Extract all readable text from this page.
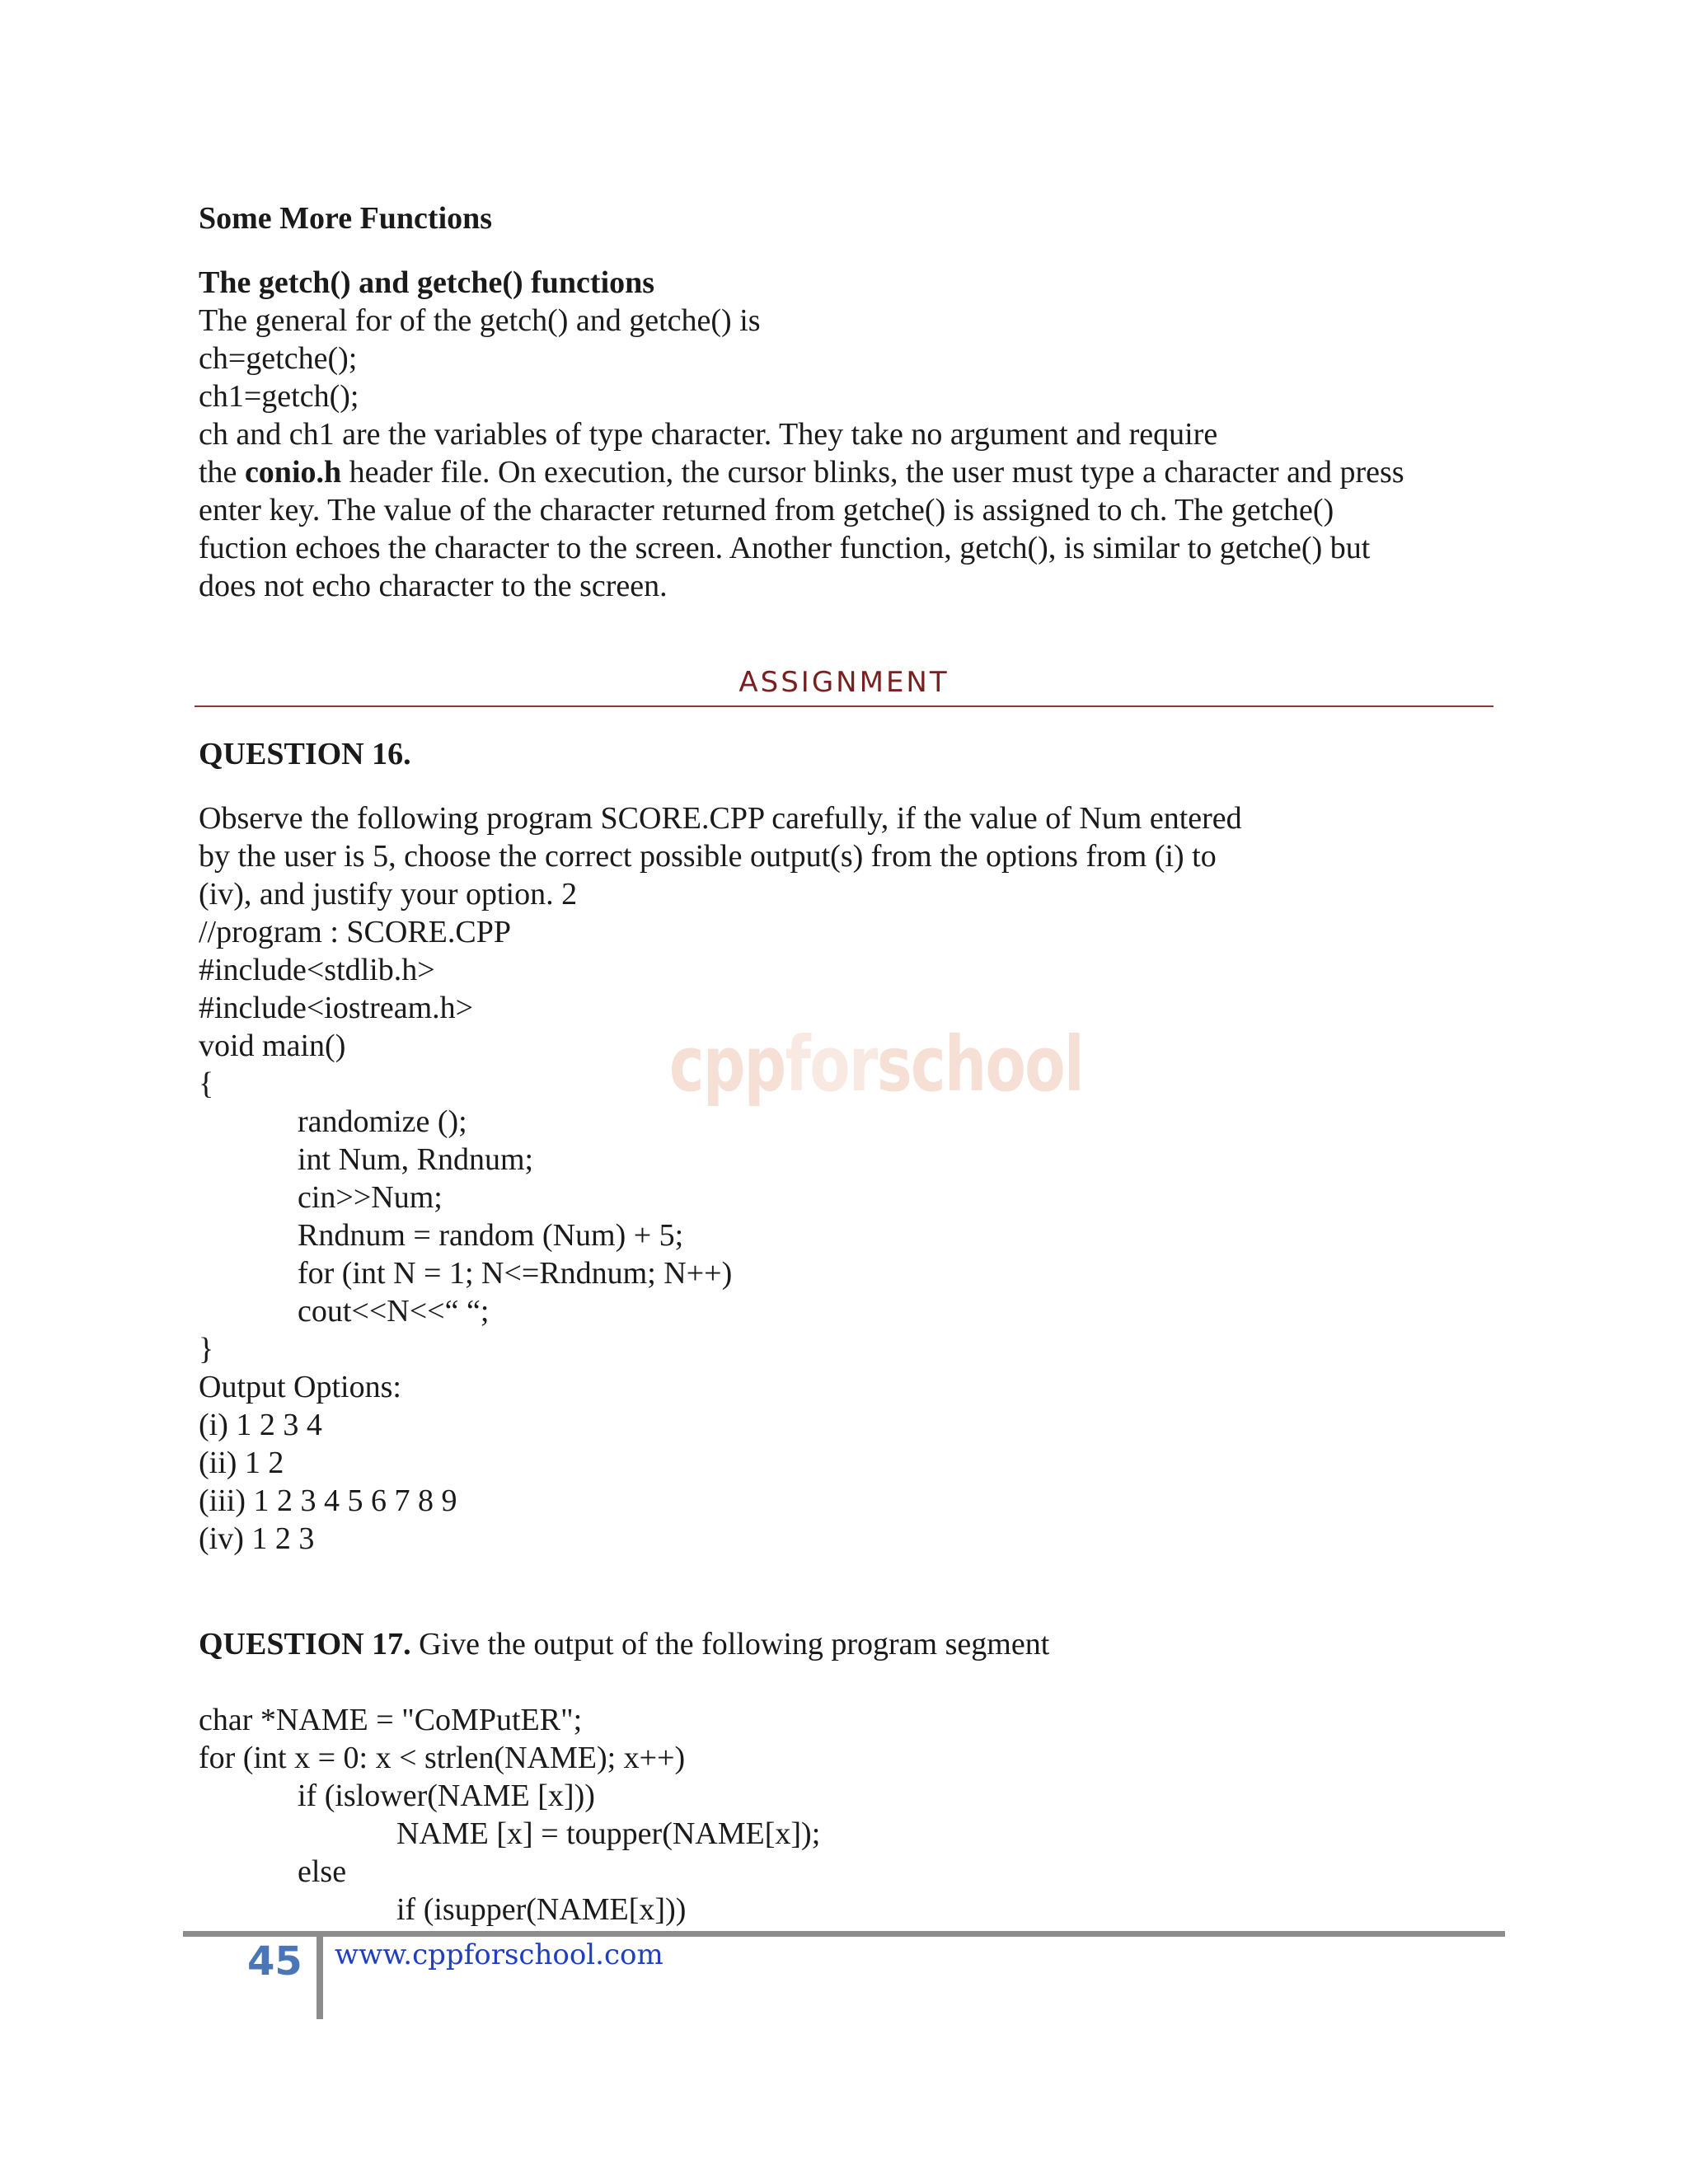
cppforschool
Some More Functions
The getch() and getche() functions
The general for of the getch() and getche() is
ch=getche();
ch1=getch();
ch and ch1 are the variables of type character. They take no argument and require
the conio.h header file. On execution, the cursor blinks, the user must type a character and press
enter key. The value of the character returned from getche() is assigned to ch. The getche()
fuction echoes the character to the screen. Another function, getch(), is similar to getche() but
does not echo character to the screen.
QUESTION 16.
Observe the following program SCORE.CPP carefully, if the value of Num entered
by the user is 5, choose the correct possible output(s) from the options from (i) to
(iv), and justify your option. 2
//program : SCORE.CPP
#include<stdlib.h>
#include<iostream.h>
void main()
{
randomize ();
int Num, Rndnum;
cin>>Num;
Rndnum = random (Num) + 5;
for (int N = 1; N<=Rndnum; N++)
cout<<N<<“ “;
}
Output Options:
(i) 1 2 3 4
(ii) 1 2
(iii) 1 2 3 4 5 6 7 8 9
(iv) 1 2 3
QUESTION 17. Give the output of the following program segment
char *NAME = "CoMPutER";
for (int x = 0: x < strlen(NAME); x++)
if (islower(NAME [x]))
NAME [x] = toupper(NAME[x]);
else
if (isupper(NAME[x]))
ASSIGNMENT
45 www.cppforschool.com
